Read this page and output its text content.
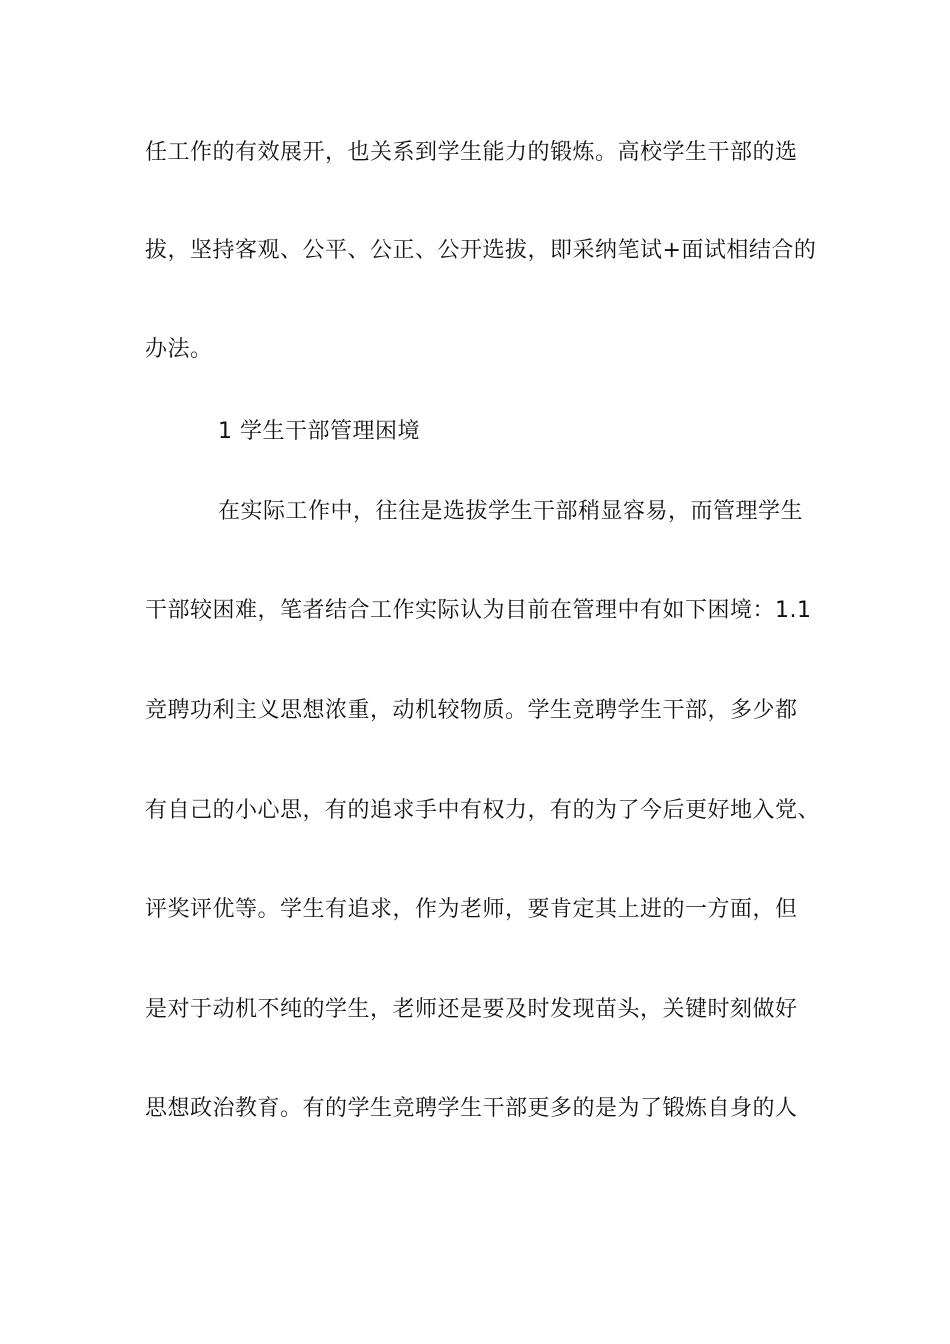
任工作的有效展开，也关系到学生能力的锻炼。高校学生干部的选
拔，坚持客观、公平、公正、公开选拔，即采纳笔试+面试相结合的
办法。
1 学生干部管理困境
在实际工作中，往往是选拔学生干部稍显容易，而管理学生
干部较困难，笔者结合工作实际认为目前在管理中有如下困境：1.1
竞聘功利主义思想浓重，动机较物质。学生竞聘学生干部，多少都
有自己的小心思，有的追求手中有权力，有的为了今后更好地入党、
评奖评优等。学生有追求，作为老师，要肯定其上进的一方面，但
是对于动机不纯的学生，老师还是要及时发现苗头，关键时刻做好
思想政治教育。有的学生竞聘学生干部更多的是为了锻炼自身的人
